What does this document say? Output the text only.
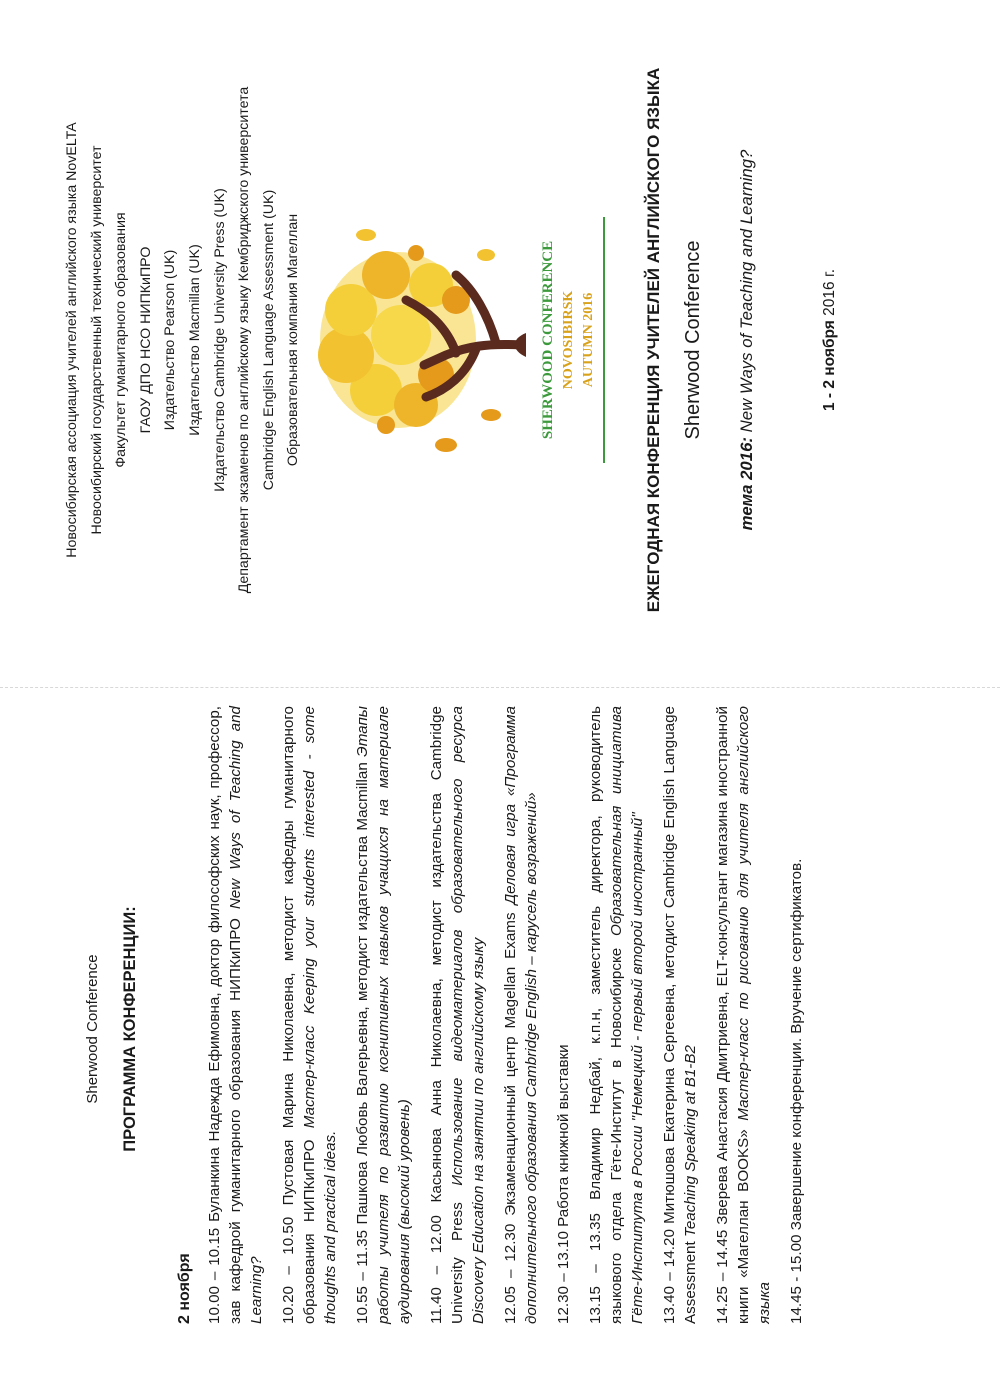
Sherwood Conference ПРОГРАММА КОНФЕРЕНЦИИ:
2 ноября 10.00 – 10.15 Буланкина Надежда Ефимовна, доктор философских наук, профессор, зав кафедрой гуманитарного образования НИПКиПРО New Ways of Teaching and Learning? 10.20 – 10.50 Пустовая Марина Николаевна, методист кафедры гуманитарного образования НИПКиПРО Мастер-класс Keeping your students interested - some thoughts and practical ideas. 10.55 – 11.35 Пашкова Любовь Валерьевна, методист издательства Macmillan Этапы работы учителя по развитию когнитивных навыков учащихся на материале аудирования (высокий уровень) 11.40 – 12.00 Касьянова Анна Николаевна, методист издательства Cambridge University Press Использование видеоматериалов образовательного ресурса Discovery Education на занятии по английскому языку 12.05 – 12.30 Экзаменационный центр Magellan Exams Деловая игра «Программа дополнительного образования Cambridge English – карусель возражений» 12.30 – 13.10 Работа книжной выставки 13.15 – 13.35 Владимир Недбай, к.п.н, заместитель директора, руководитель языкового отдела Гёте-Институт в Новосибирске Образовательная инициатива Гёте-Института в России "Немецкий - первый второй иностранный" 13.40 – 14.20 Митюшова Екатерина Сергеевна, методист Cambridge English Language Assessment Teaching Speaking at B1-B2 14.25 – 14.45 Зверева Анастасия Дмитриевна, ELT-консультант магазина иностранной книги «Магеллан BOOKS» Мастер-класс по рисованию для учителя английского языка 14.45 - 15.00 Завершение конференции. Вручение сертификатов.
Новосибирская ассоциация учителей английского языка NovELTA Новосибирский государственный технический университет Факультет гуманитарного образования ГАОУ ДПО НСО НИПКиПРО Издательство Pearson (UK) Издательство Macmillan (UK) Издательство Cambridge University Press (UK) Департамент экзаменов по английскому языку Кембриджского университета Cambridge English Language Assessment (UK) Образовательная компания Магеллан	SHERWOOD CONFERENCE NOVOSIBIRSK AUTUMN 2016	ЕЖЕГОДНАЯ КОНФЕРЕНЦИЯ УЧИТЕЛЕЙ АНГЛИЙСКОГО ЯЗЫКА Sherwood Conference
тема 2016: New Ways of Teaching and Learning?	1 - 2 ноября 2016 г.
